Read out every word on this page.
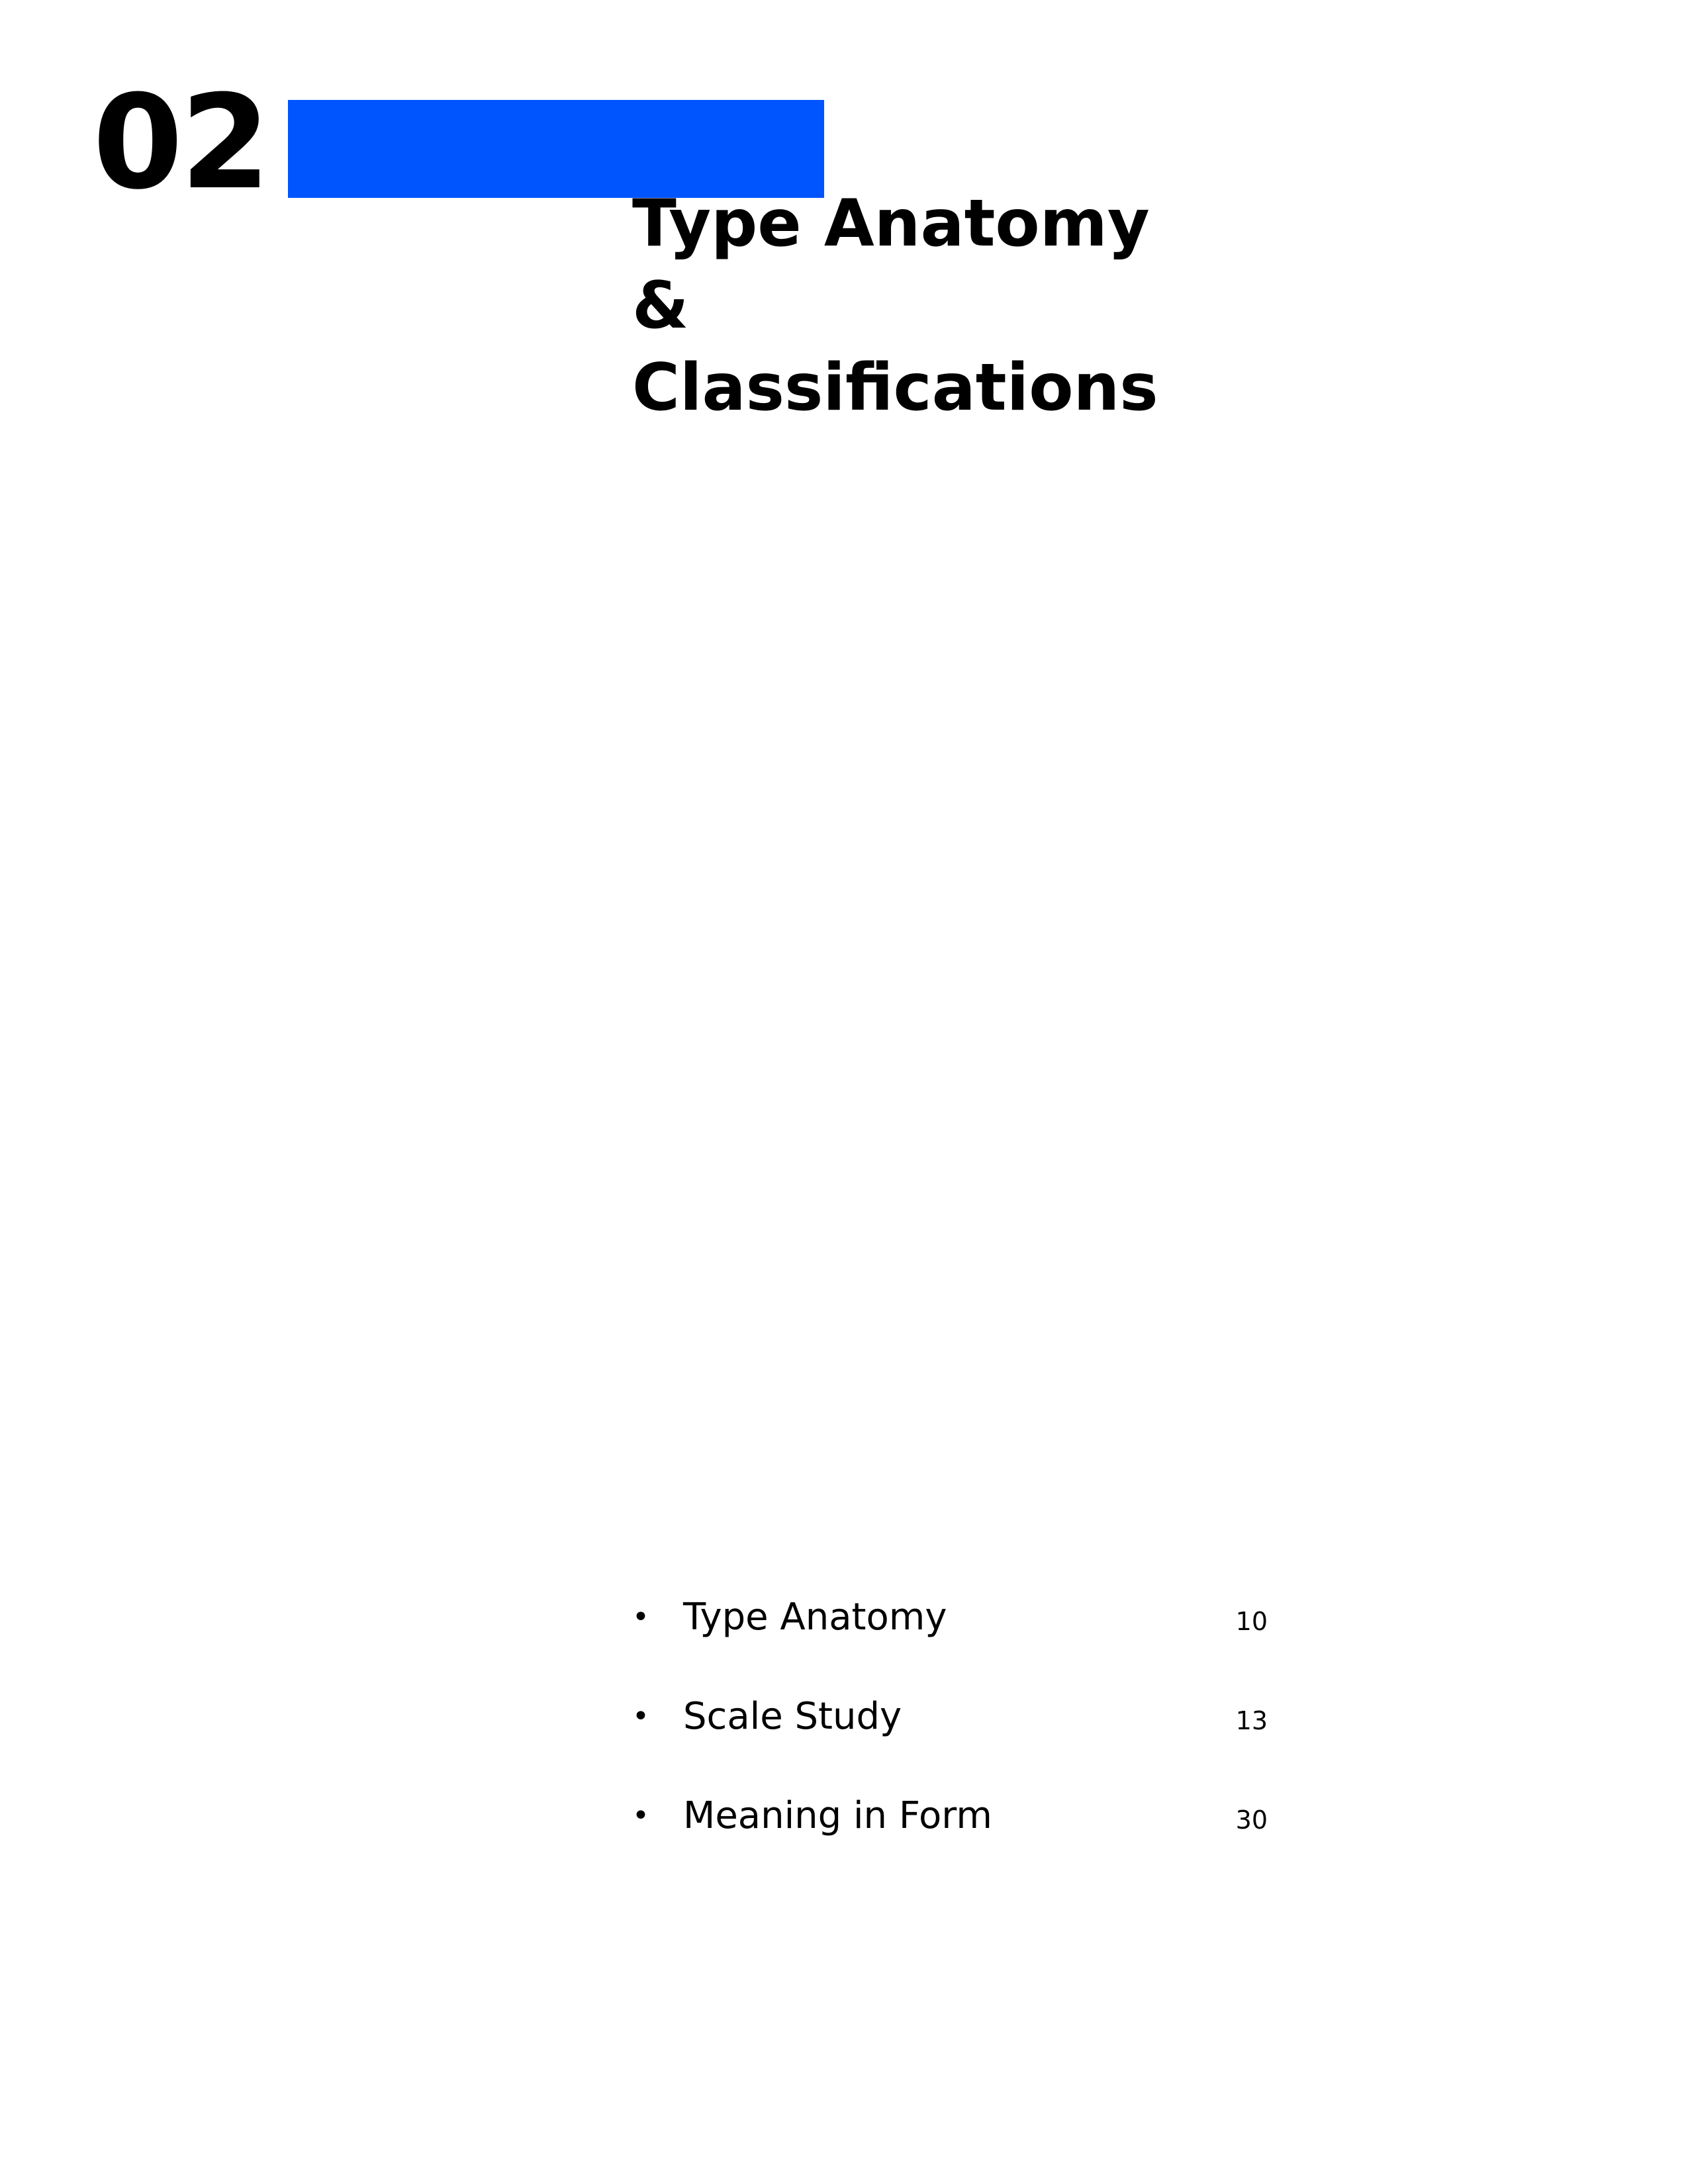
02
Type Anatomy
&
Classifications
• Type Anatomy	10
• Scale Study	13
• Meaning in Form	30
